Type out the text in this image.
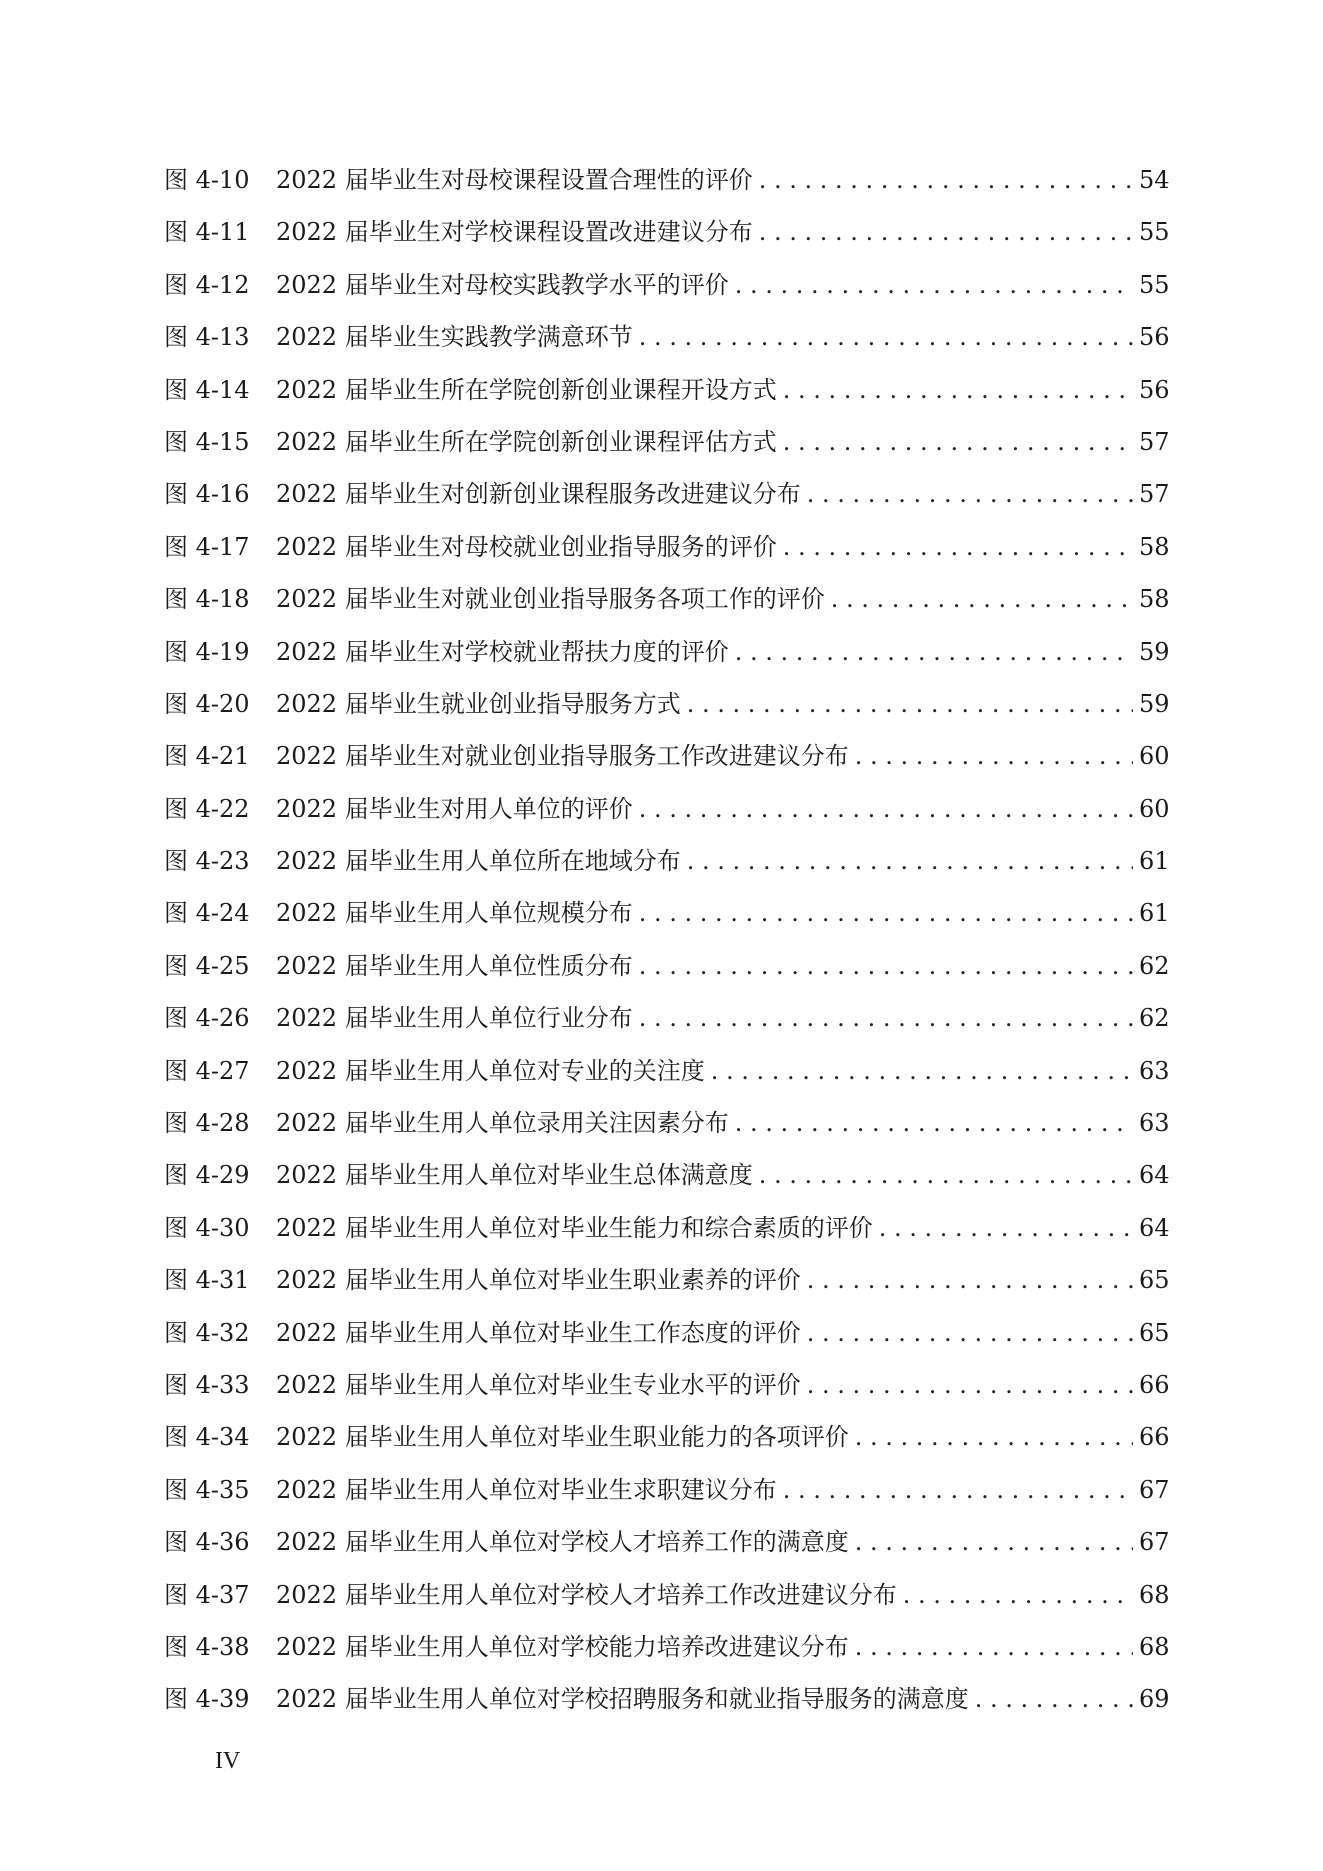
图 4-10	2022 届毕业生对母校课程设置合理性的评价 . . .	54
图 4-11	2022 届毕业生对学校课程设置改进建议分布 . . .	55
图 4-12	2022 届毕业生对母校实践教学水平的评价 . . .	55
图 4-13	2022 届毕业生实践教学满意环节 . . .	56
图 4-14	2022 届毕业生所在学院创新创业课程开设方式 . . .	56
图 4-15	2022 届毕业生所在学院创新创业课程评估方式 . . .	57
图 4-16	2022 届毕业生对创新创业课程服务改进建议分布 . . .	57
图 4-17	2022 届毕业生对母校就业创业指导服务的评价 . . .	58
图 4-18	2022 届毕业生对就业创业指导服务各项工作的评价 . . .	58
图 4-19	2022 届毕业生对学校就业帮扶力度的评价 . . .	59
图 4-20	2022 届毕业生就业创业指导服务方式 . . .	59
图 4-21	2022 届毕业生对就业创业指导服务工作改进建议分布 . . .	60
图 4-22	2022 届毕业生对用人单位的评价 . . .	60
图 4-23	2022 届毕业生用人单位所在地域分布 . . .	61
图 4-24	2022 届毕业生用人单位规模分布 . . .	61
图 4-25	2022 届毕业生用人单位性质分布 . . .	62
图 4-26	2022 届毕业生用人单位行业分布 . . .	62
图 4-27	2022 届毕业生用人单位对专业的关注度 . . .	63
图 4-28	2022 届毕业生用人单位录用关注因素分布 . . .	63
图 4-29	2022 届毕业生用人单位对毕业生总体满意度 . . .	64
图 4-30	2022 届毕业生用人单位对毕业生能力和综合素质的评价 . . .	64
图 4-31	2022 届毕业生用人单位对毕业生职业素养的评价 . . .	65
图 4-32	2022 届毕业生用人单位对毕业生工作态度的评价 . . .	65
图 4-33	2022 届毕业生用人单位对毕业生专业水平的评价 . . .	66
图 4-34	2022 届毕业生用人单位对毕业生职业能力的各项评价 . . .	66
图 4-35	2022 届毕业生用人单位对毕业生求职建议分布 . . .	67
图 4-36	2022 届毕业生用人单位对学校人才培养工作的满意度 . . .	67
图 4-37	2022 届毕业生用人单位对学校人才培养工作改进建议分布 . . .	68
图 4-38	2022 届毕业生用人单位对学校能力培养改进建议分布 . . .	68
图 4-39	2022 届毕业生用人单位对学校招聘服务和就业指导服务的满意度 . . .	69
IV
